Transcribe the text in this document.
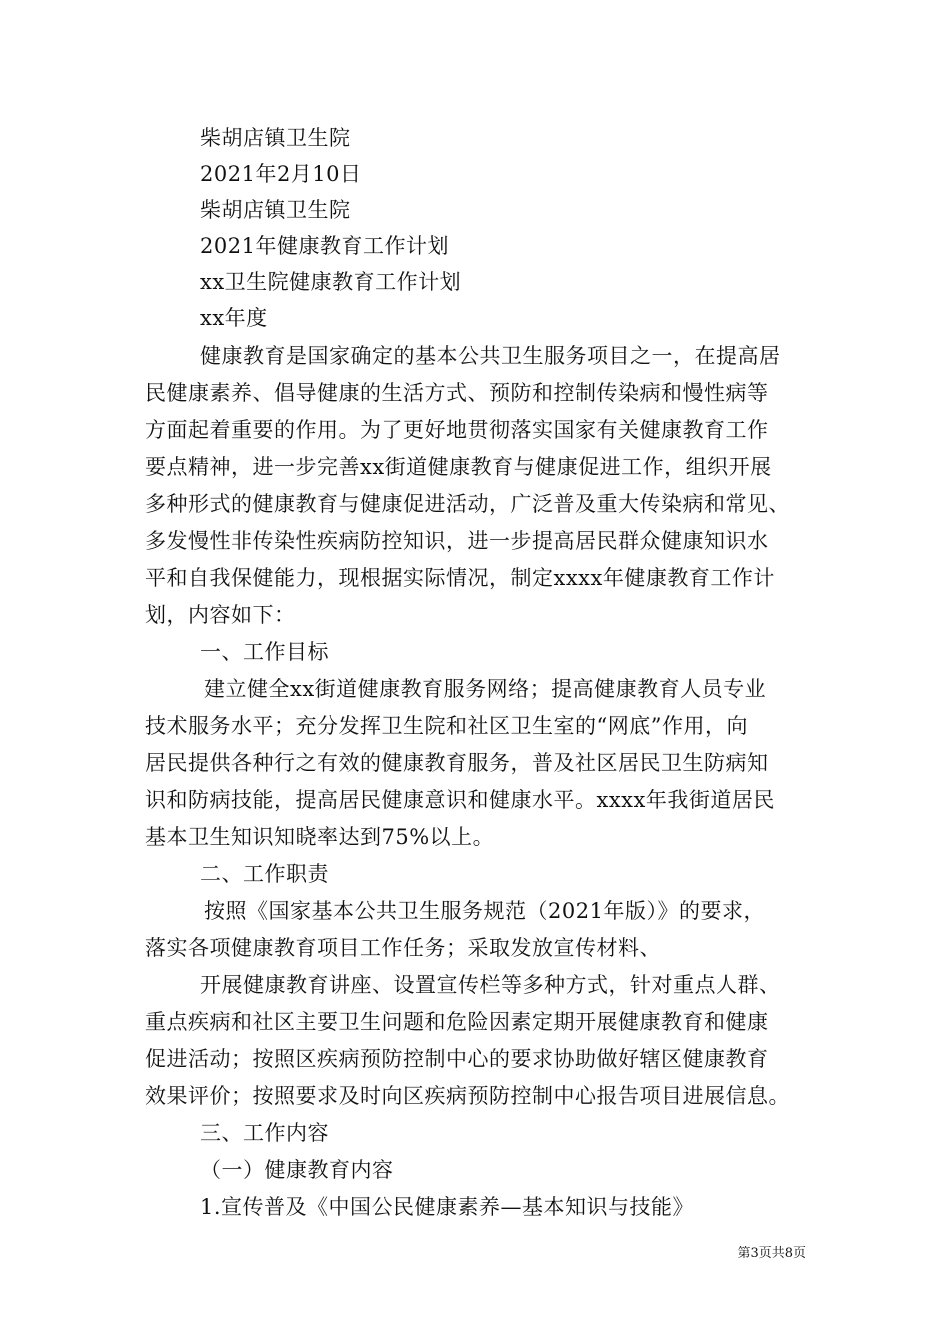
柴胡店镇卫生院
2021年2月10日
柴胡店镇卫生院
2021年健康教育工作计划
xx卫生院健康教育工作计划
xx年度
健康教育是国家确定的基本公共卫生服务项目之一，在提高居
民健康素养、倡导健康的生活方式、预防和控制传染病和慢性病等
方面起着重要的作用。为了更好地贯彻落实国家有关健康教育工作
要点精神，进一步完善xx街道健康教育与健康促进工作，组织开展
多种形式的健康教育与健康促进活动，广泛普及重大传染病和常见、
多发慢性非传染性疾病防控知识，进一步提高居民群众健康知识水
平和自我保健能力，现根据实际情况，制定xxxx年健康教育工作计
划，内容如下：
一、工作目标
建立健全xx街道健康教育服务网络；提高健康教育人员专业
技术服务水平；充分发挥卫生院和社区卫生室的“网底”作用，向
居民提供各种行之有效的健康教育服务，普及社区居民卫生防病知
识和防病技能，提高居民健康意识和健康水平。xxxx年我街道居民
基本卫生知识知晓率达到75%以上。
二、工作职责
按照《国家基本公共卫生服务规范（2021年版）》的要求，
落实各项健康教育项目工作任务；采取发放宣传材料、
开展健康教育讲座、设置宣传栏等多种方式，针对重点人群、
重点疾病和社区主要卫生问题和危险因素定期开展健康教育和健康
促进活动；按照区疾病预防控制中心的要求协助做好辖区健康教育
效果评价；按照要求及时向区疾病预防控制中心报告项目进展信息。
三、工作内容
（一）健康教育内容
1.宣传普及《中国公民健康素养—基本知识与技能》
第3页共8页
